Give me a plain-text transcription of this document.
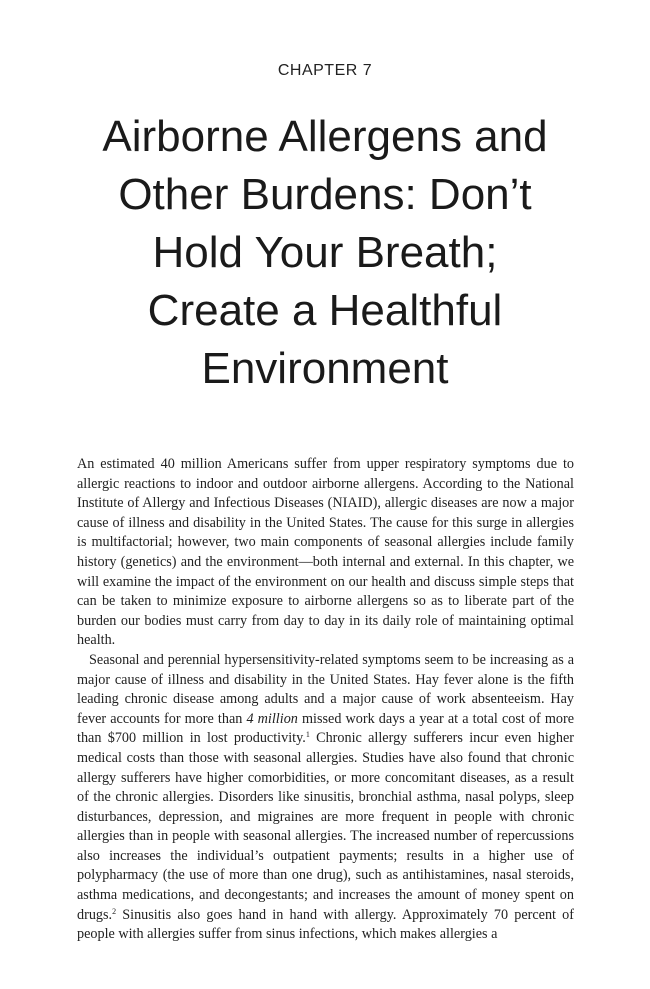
CHAPTER 7
Airborne Allergens and
Other Burdens: Don’t
Hold Your Breath;
Create a Healthful
Environment

An estimated 40 million Americans suffer from upper respiratory symptoms due to allergic reactions to indoor and outdoor airborne allergens. According to the National Institute of Allergy and Infectious Diseases (NIAID), allergic diseases are now a major cause of illness and disability in the United States. The cause for this surge in allergies is multifactorial; however, two main components of seasonal allergies include family history (genetics) and the environment—both internal and external. In this chapter, we will examine the impact of the environment on our health and discuss simple steps that can be taken to minimize exposure to airborne allergens so as to liberate part of the burden our bodies must carry from day to day in its daily role of maintaining optimal health.

Seasonal and perennial hypersensitivity-related symptoms seem to be increasing as a major cause of illness and disability in the United States. Hay fever alone is the fifth leading chronic disease among adults and a major cause of work absenteeism. Hay fever accounts for more than 4 million missed work days a year at a total cost of more than $700 million in lost productivity.$^1$ Chronic allergy sufferers incur even higher medical costs than those with seasonal allergies. Studies have also found that chronic allergy sufferers have higher comorbidities, or more concomitant diseases, as a result of the chronic allergies. Disorders like sinusitis, bronchial asthma, nasal polyps, sleep disturbances, depression, and migraines are more frequent in people with chronic allergies than in people with seasonal allergies. The increased number of repercussions also increases the individual’s outpatient payments; results in a higher use of polypharmacy (the use of more than one drug), such as antihistamines, nasal steroids, asthma medications, and decongestants; and increases the amount of money spent on drugs.$^2$ Sinusitis also goes hand in hand with allergy. Approximately 70 percent of people with allergies suffer from sinus infections, which makes allergies a
